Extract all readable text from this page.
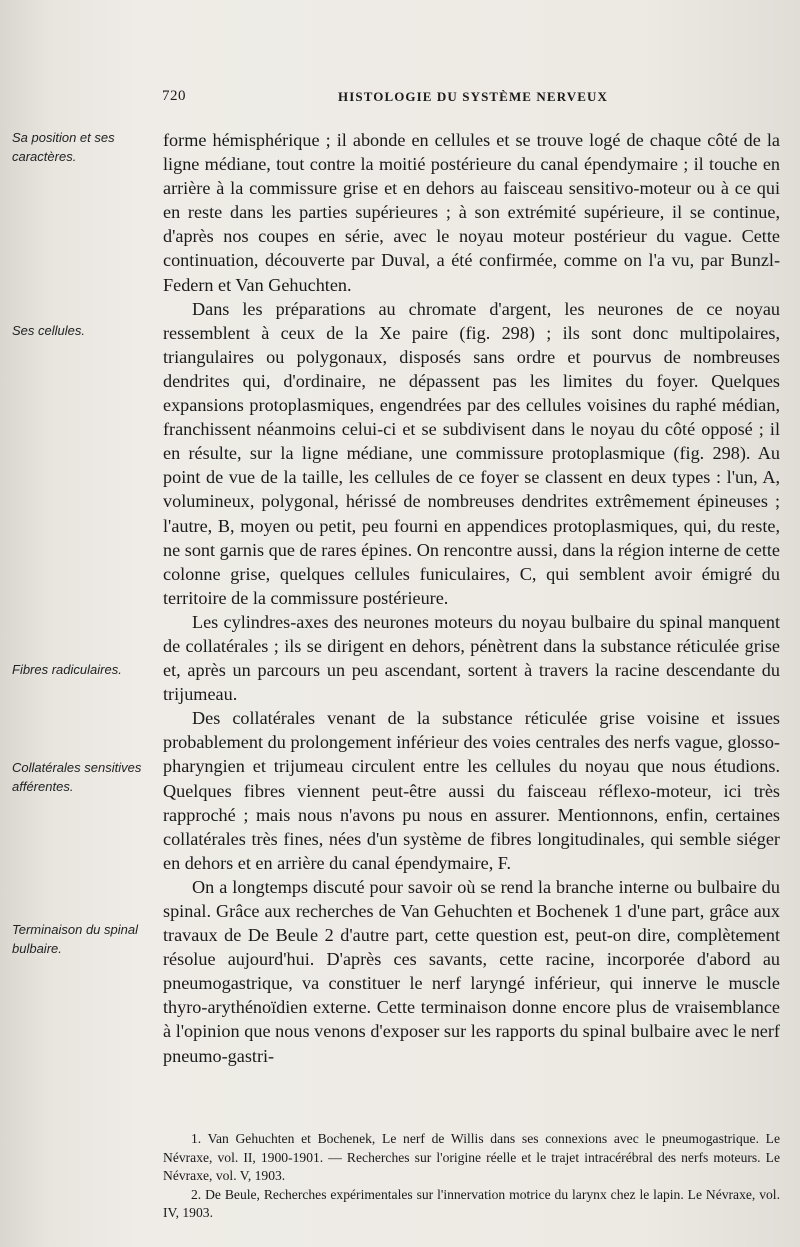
720	HISTOLOGIE DU SYSTÈME NERVEUX
Sa position et ses caractères.
Ses cellules.
Fibres radiculaires.
Collatérales sensitives afférentes.
Terminaison du spinal bulbaire.

forme hémisphérique ; il abonde en cellules et se trouve logé de chaque côté de la ligne médiane, tout contre la moitié postérieure du canal épendymaire ; il touche en arrière à la commissure grise et en dehors au faisceau sensitivo-moteur ou à ce qui en reste dans les parties supérieures ; à son extrémité supérieure, il se continue, d'après nos coupes en série, avec le noyau moteur postérieur du vague. Cette continuation, découverte par Duval, a été confirmée, comme on l'a vu, par Bunzl-Federn et Van Gehuchten.

Dans les préparations au chromate d'argent, les neurones de ce noyau ressemblent à ceux de la Xe paire (fig. 298) ; ils sont donc multipolaires, triangulaires ou polygonaux, disposés sans ordre et pourvus de nombreuses dendrites qui, d'ordinaire, ne dépassent pas les limites du foyer. Quelques expansions protoplasmiques, engendrées par des cellules voisines du raphé médian, franchissent néanmoins celui-ci et se subdivisent dans le noyau du côté opposé ; il en résulte, sur la ligne médiane, une commissure protoplasmique (fig. 298). Au point de vue de la taille, les cellules de ce foyer se classent en deux types : l'un, A, volumineux, polygonal, hérissé de nombreuses dendrites extrêmement épineuses ; l'autre, B, moyen ou petit, peu fourni en appendices protoplasmiques, qui, du reste, ne sont garnis que de rares épines. On rencontre aussi, dans la région interne de cette colonne grise, quelques cellules funiculaires, C, qui semblent avoir émigré du territoire de la commissure postérieure.

Les cylindres-axes des neurones moteurs du noyau bulbaire du spinal manquent de collatérales ; ils se dirigent en dehors, pénètrent dans la substance réticulée grise et, après un parcours un peu ascendant, sortent à travers la racine descendante du trijumeau.

Des collatérales venant de la substance réticulée grise voisine et issues probablement du prolongement inférieur des voies centrales des nerfs vague, glosso-pharyngien et trijumeau circulent entre les cellules du noyau que nous étudions. Quelques fibres viennent peut-être aussi du faisceau réflexo-moteur, ici très rapproché ; mais nous n'avons pu nous en assurer. Mentionnons, enfin, certaines collatérales très fines, nées d'un système de fibres longitudinales, qui semble siéger en dehors et en arrière du canal épendymaire, F.

On a longtemps discuté pour savoir où se rend la branche interne ou bulbaire du spinal. Grâce aux recherches de Van Gehuchten et Bochenek 1 d'une part, grâce aux travaux de De Beule 2 d'autre part, cette question est, peut-on dire, complètement résolue aujourd'hui. D'après ces savants, cette racine, incorporée d'abord au pneumogastrique, va constituer le nerf laryngé inférieur, qui innerve le muscle thyro-arythénoïdien externe. Cette terminaison donne encore plus de vraisemblance à l'opinion que nous venons d'exposer sur les rapports du spinal bulbaire avec le nerf pneumo-gastri-

1. Van Gehuchten et Bochenek, Le nerf de Willis dans ses connexions avec le pneumogastrique. Le Névraxe, vol. II, 1900-1901. — Recherches sur l'origine réelle et le trajet intracérébral des nerfs moteurs. Le Névraxe, vol. V, 1903.

2. De Beule, Recherches expérimentales sur l'innervation motrice du larynx chez le lapin. Le Névraxe, vol. IV, 1903.
